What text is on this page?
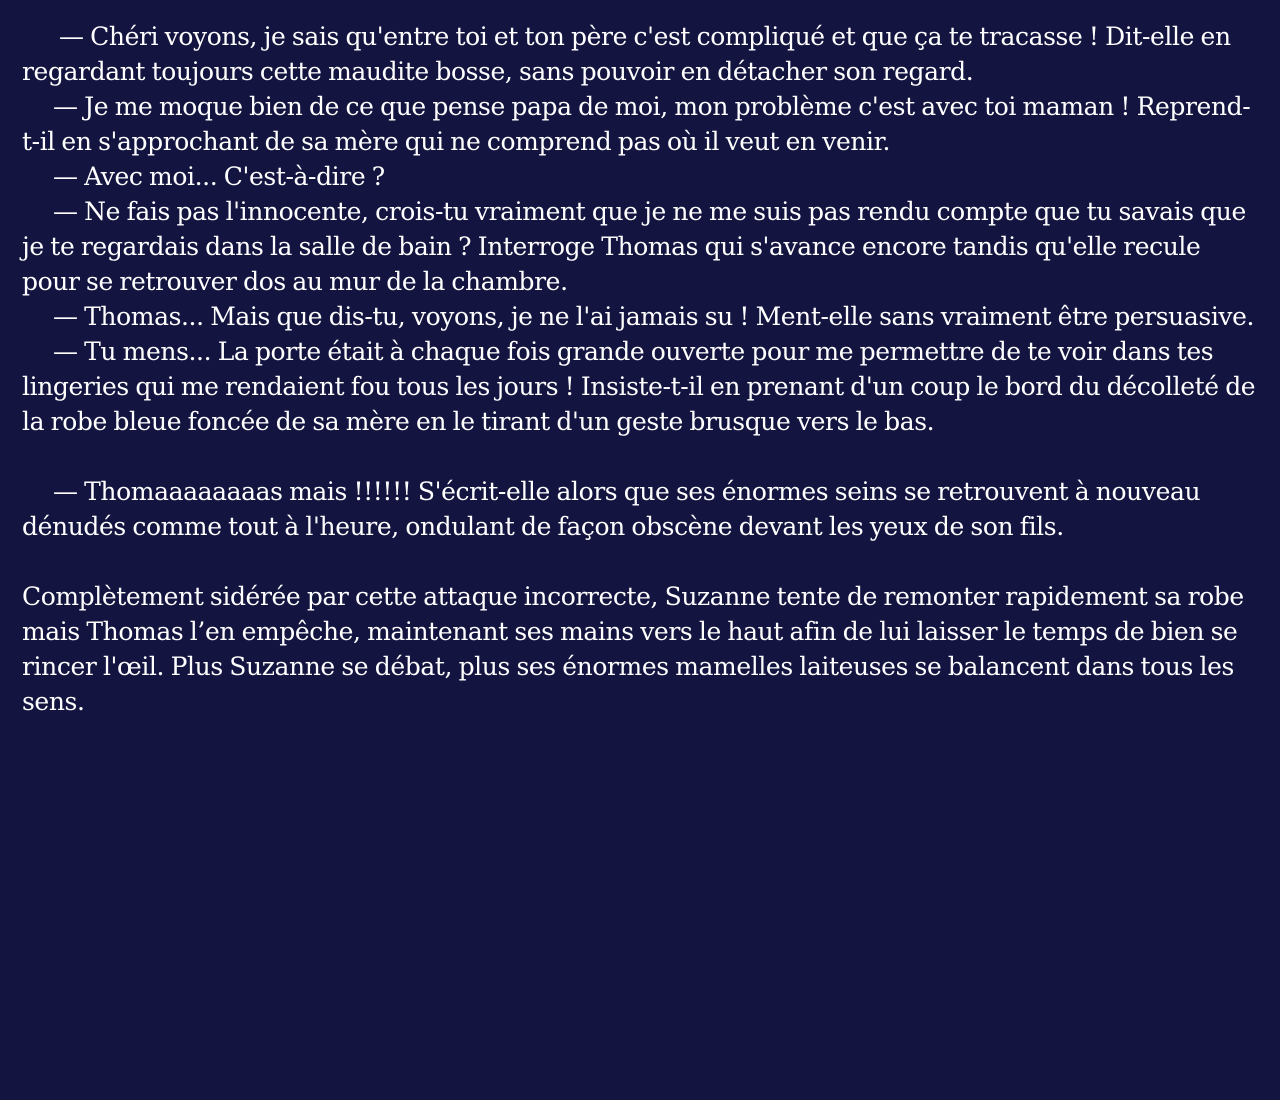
— Chéri voyons, je sais qu'entre toi et ton père c'est compliqué et que ça te tracasse ! Dit-elle en regardant toujours cette maudite bosse, sans pouvoir en détacher son regard.

— Je me moque bien de ce que pense papa de moi, mon problème c'est avec toi maman ! Reprend-t-il en s'approchant de sa mère qui ne comprend pas où il veut en venir.

— Avec moi... C'est-à-dire ?

— Ne fais pas l'innocente, crois-tu vraiment que je ne me suis pas rendu compte que tu savais que je te regardais dans la salle de bain ? Interroge Thomas qui s'avance encore tandis qu'elle recule pour se retrouver dos au mur de la chambre.

— Thomas... Mais que dis-tu, voyons, je ne l'ai jamais su ! Ment-elle sans vraiment être persuasive.

— Tu mens... La porte était à chaque fois grande ouverte pour me permettre de te voir dans tes lingeries qui me rendaient fou tous les jours ! Insiste-t-il en prenant d'un coup le bord du décolleté de la robe bleue foncée de sa mère en le tirant d'un geste brusque vers le bas.

— Thomaaaaaaaas mais !!!!!! S'écrit-elle alors que ses énormes seins se retrouvent à nouveau dénudés comme tout à l'heure, ondulant de façon obscène devant les yeux de son fils.

Complètement sidérée par cette attaque incorrecte, Suzanne tente de remonter rapidement sa robe mais Thomas l’en empêche, maintenant ses mains vers le haut afin de lui laisser le temps de bien se rincer l'œil. Plus Suzanne se débat, plus ses énormes mamelles laiteuses se balancent dans tous les sens.
